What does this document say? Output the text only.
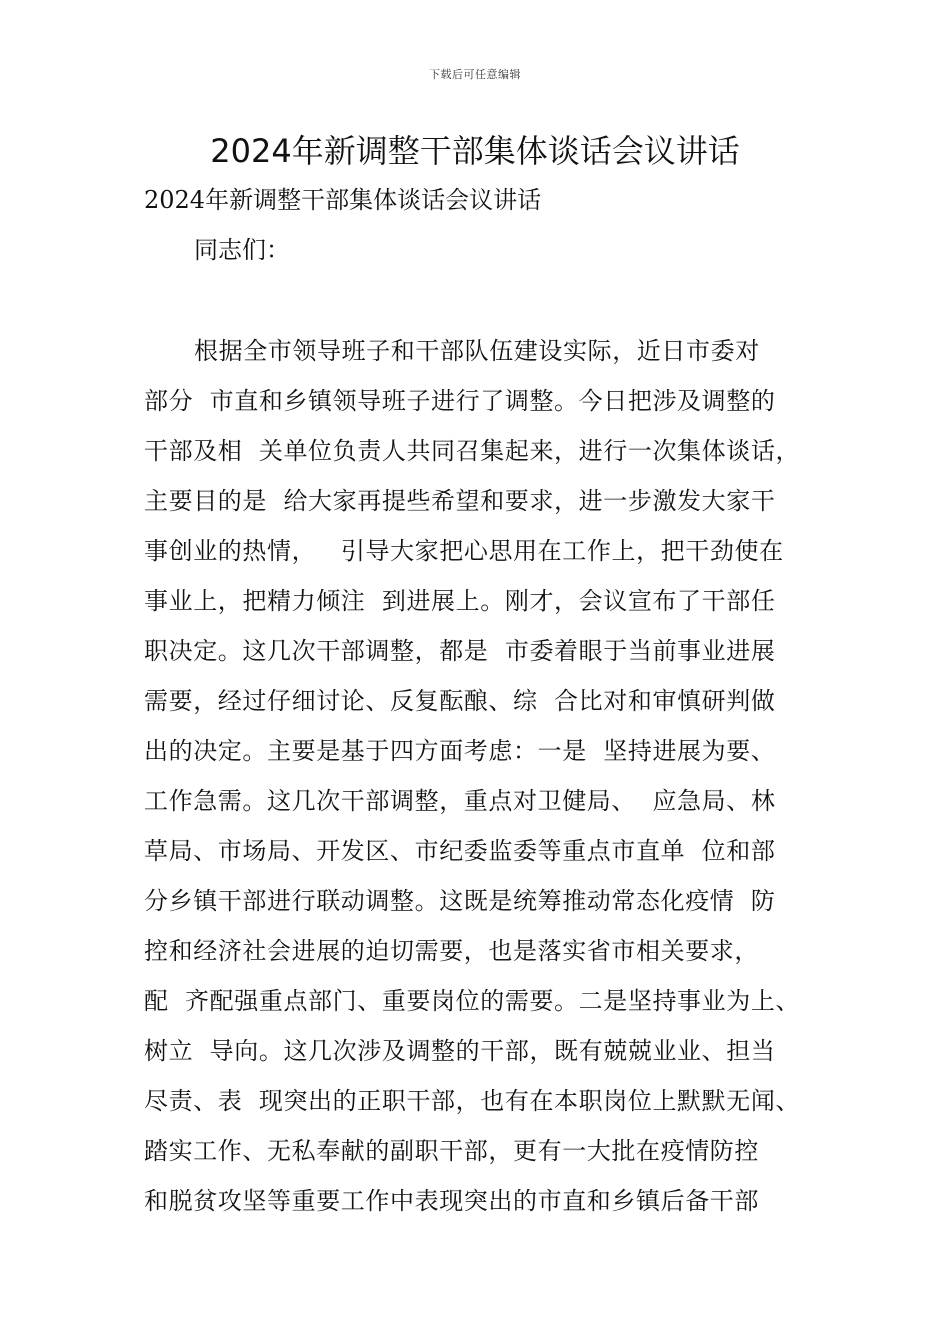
下载后可任意编辑
2024年新调整干部集体谈话会议讲话

2024年新调整干部集体谈话会议讲话

同志们：

根据全市领导班子和干部队伍建设实际，近日市委对
部分  市直和乡镇领导班子进行了调整。今日把涉及调整的
干部及相  关单位负责人共同召集起来，进行一次集体谈话，
主要目的是  给大家再提些希望和要求，进一步激发大家干
事创业的热情，   引导大家把心思用在工作上，把干劲使在
事业上，把精力倾注  到进展上。刚才，会议宣布了干部任
职决定。这几次干部调整，都是  市委着眼于当前事业进展
需要，经过仔细讨论、反复酝酿、综  合比对和审慎研判做
出的决定。主要是基于四方面考虑：一是  坚持进展为要、
工作急需。这几次干部调整，重点对卫健局、  应急局、林
草局、市场局、开发区、市纪委监委等重点市直单  位和部
分乡镇干部进行联动调整。这既是统筹推动常态化疫情  防
控和经济社会进展的迫切需要，也是落实省市相关要求，
配  齐配强重点部门、重要岗位的需要。二是坚持事业为上、
树立  导向。这几次涉及调整的干部，既有兢兢业业、担当
尽责、表  现突出的正职干部，也有在本职岗位上默默无闻、
踏实工作、无私奉献的副职干部，更有一大批在疫情防控
和脱贫攻坚等重要工作中表现突出的市直和乡镇后备干部
